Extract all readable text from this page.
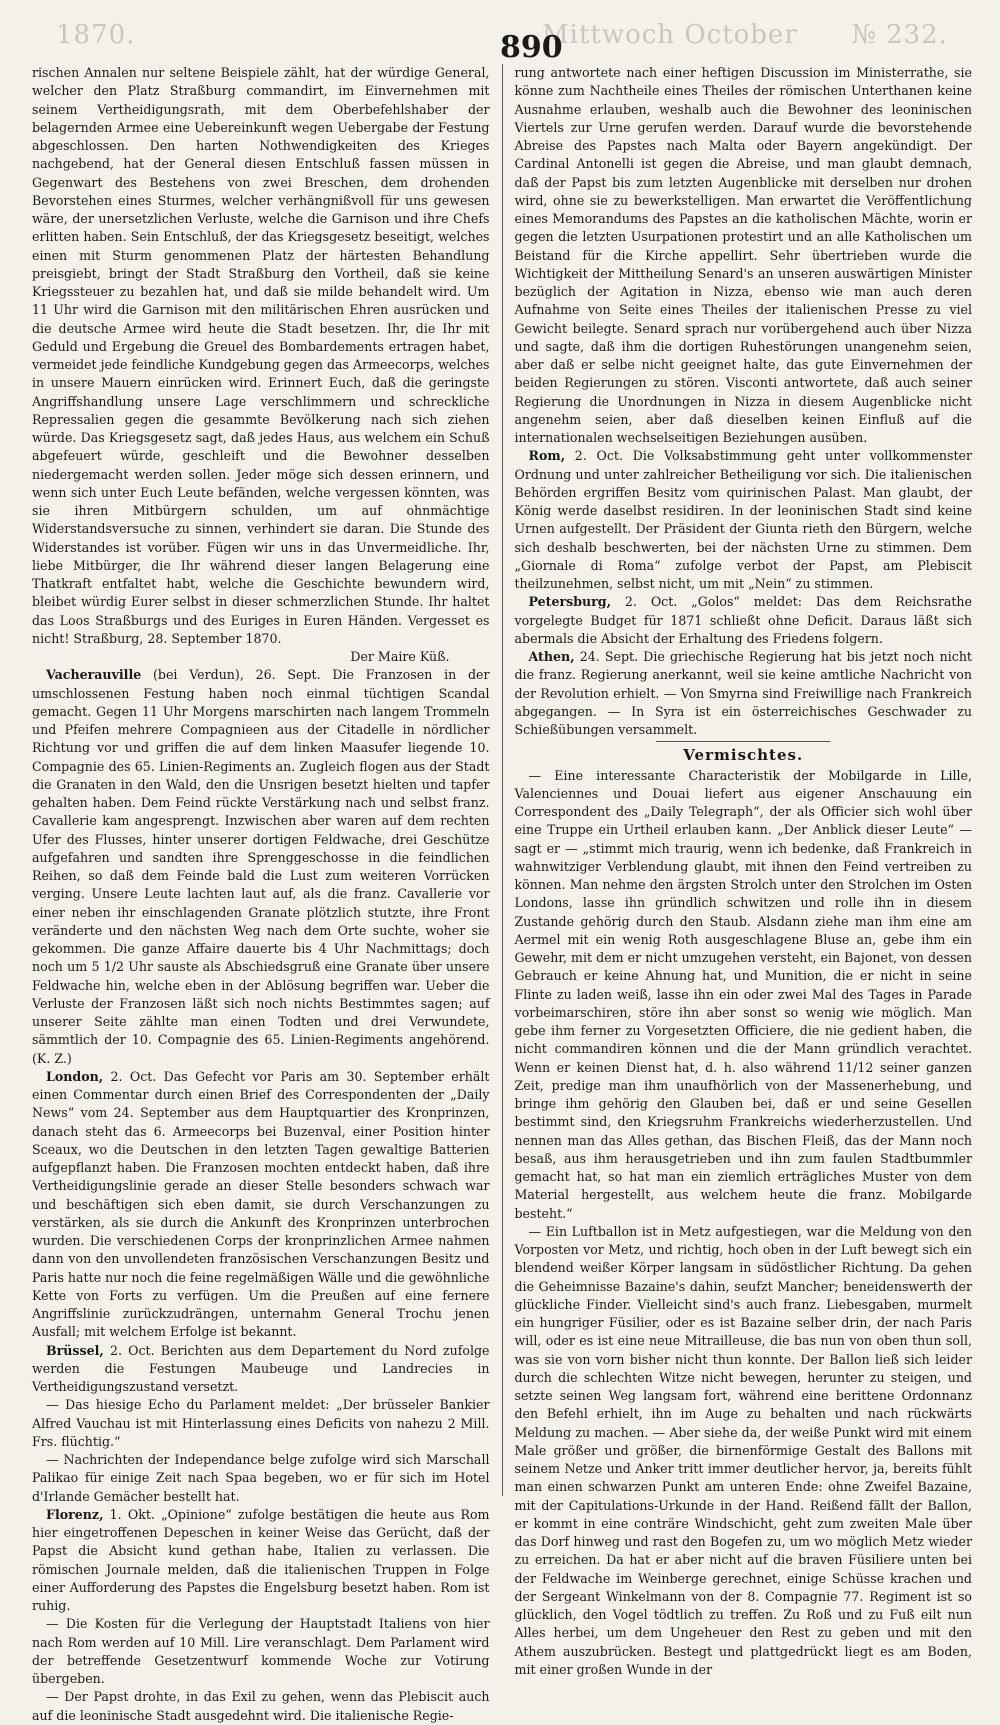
1870.	Mittwoch October
890	№ 232.

rischen Annalen nur seltene Beispiele zählt, hat der würdige General, welcher den Platz Straßburg commandirt, im Einvernehmen mit seinem Vertheidigungsrath, mit dem Oberbefehlshaber der belagernden Armee eine Uebereinkunft wegen Uebergabe der Festung abgeschlossen. Den harten Nothwendigkeiten des Krieges nachgebend, hat der General diesen Entschluß fassen müssen in Gegenwart des Bestehens von zwei Breschen, dem drohenden Bevorstehen eines Sturmes, welcher verhängnißvoll für uns gewesen wäre, der unersetzlichen Verluste, welche die Garnison und ihre Chefs erlitten haben. Sein Entschluß, der das Kriegsgesetz beseitigt, welches einen mit Sturm genommenen Platz der härtesten Behandlung preisgiebt, bringt der Stadt Straßburg den Vortheil, daß sie keine Kriegssteuer zu bezahlen hat, und daß sie milde behandelt wird. Um 11 Uhr wird die Garnison mit den militärischen Ehren ausrücken und die deutsche Armee wird heute die Stadt besetzen. Ihr, die Ihr mit Geduld und Ergebung die Greuel des Bombardements ertragen habet, vermeidet jede feindliche Kundgebung gegen das Armeecorps, welches in unsere Mauern einrücken wird. Erinnert Euch, daß die geringste Angriffshandlung unsere Lage verschlimmern und schreckliche Repressalien gegen die gesammte Bevölkerung nach sich ziehen würde. Das Kriegsgesetz sagt, daß jedes Haus, aus welchem ein Schuß abgefeuert würde, geschleift und die Bewohner desselben niedergemacht werden sollen. Jeder möge sich dessen erinnern, und wenn sich unter Euch Leute befänden, welche vergessen könnten, was sie ihren Mitbürgern schulden, um auf ohnmächtige Widerstandsversuche zu sinnen, verhindert sie daran. Die Stunde des Widerstandes ist vorüber. Fügen wir uns in das Unvermeidliche. Ihr, liebe Mitbürger, die Ihr während dieser langen Belagerung eine Thatkraft entfaltet habt, welche die Geschichte bewundern wird, bleibet würdig Eurer selbst in dieser schmerzlichen Stunde. Ihr haltet das Loos Straßburgs und des Euriges in Euren Händen. Vergesset es nicht! Straßburg, 28. September 1870.

Der Maire Küß.

Vacherauville (bei Verdun), 26. Sept. Die Franzosen in der umschlossenen Festung haben noch einmal tüchtigen Scandal gemacht. Gegen 11 Uhr Morgens marschirten nach langem Trommeln und Pfeifen mehrere Compagnieen aus der Citadelle in nördlicher Richtung vor und griffen die auf dem linken Maasufer liegende 10. Compagnie des 65. Linien-Regiments an. Zugleich flogen aus der Stadt die Granaten in den Wald, den die Unsrigen besetzt hielten und tapfer gehalten haben. Dem Feind rückte Verstärkung nach und selbst franz. Cavallerie kam angesprengt. Inzwischen aber waren auf dem rechten Ufer des Flusses, hinter unserer dortigen Feldwache, drei Geschütze aufgefahren und sandten ihre Sprenggeschosse in die feindlichen Reihen, so daß dem Feinde bald die Lust zum weiteren Vorrücken verging. Unsere Leute lachten laut auf, als die franz. Cavallerie vor einer neben ihr einschlagenden Granate plötzlich stutzte, ihre Front veränderte und den nächsten Weg nach dem Orte suchte, woher sie gekommen. Die ganze Affaire dauerte bis 4 Uhr Nachmittags; doch noch um 5 1/2 Uhr sauste als Abschiedsgruß eine Granate über unsere Feldwache hin, welche eben in der Ablösung begriffen war. Ueber die Verluste der Franzosen läßt sich noch nichts Bestimmtes sagen; auf unserer Seite zählte man einen Todten und drei Verwundete, sämmtlich der 10. Compagnie des 65. Linien-Regiments angehörend. (K. Z.)

London, 2. Oct. Das Gefecht vor Paris am 30. September erhält einen Commentar durch einen Brief des Correspondenten der „Daily News“ vom 24. September aus dem Hauptquartier des Kronprinzen, danach steht das 6. Armeecorps bei Buzenval, einer Position hinter Sceaux, wo die Deutschen in den letzten Tagen gewaltige Batterien aufgepflanzt haben. Die Franzosen mochten entdeckt haben, daß ihre Vertheidigungslinie gerade an dieser Stelle besonders schwach war und beschäftigen sich eben damit, sie durch Verschanzungen zu verstärken, als sie durch die Ankunft des Kronprinzen unterbrochen wurden. Die verschiedenen Corps der kronprinzlichen Armee nahmen dann von den unvollendeten französischen Verschanzungen Besitz und Paris hatte nur noch die feine regelmäßigen Wälle und die gewöhnliche Kette von Forts zu verfügen. Um die Preußen auf eine fernere Angriffslinie zurückzudrängen, unternahm General Trochu jenen Ausfall; mit welchem Erfolge ist bekannt.

Brüssel, 2. Oct. Berichten aus dem Departement du Nord zufolge werden die Festungen Maubeuge und Landrecies in Vertheidigungszustand versetzt.

— Das hiesige Echo du Parlament meldet: „Der brüsseler Bankier Alfred Vauchau ist mit Hinterlassung eines Deficits von nahezu 2 Mill. Frs. flüchtig.“

— Nachrichten der Independance belge zufolge wird sich Marschall Palikao für einige Zeit nach Spaa begeben, wo er für sich im Hotel d'Irlande Gemächer bestellt hat.

Florenz, 1. Okt. „Opinione“ zufolge bestätigen die heute aus Rom hier eingetroffenen Depeschen in keiner Weise das Gerücht, daß der Papst die Absicht kund gethan habe, Italien zu verlassen. Die römischen Journale melden, daß die italienischen Truppen in Folge einer Aufforderung des Papstes die Engelsburg besetzt haben. Rom ist ruhig.

— Die Kosten für die Verlegung der Hauptstadt Italiens von hier nach Rom werden auf 10 Mill. Lire veranschlagt. Dem Parlament wird der betreffende Gesetzentwurf kommende Woche zur Votirung übergeben.

— Der Papst drohte, in das Exil zu gehen, wenn das Plebiscit auch auf die leoninische Stadt ausgedehnt wird. Die italienische Regie-

rung antwortete nach einer heftigen Discussion im Ministerrathe, sie könne zum Nachtheile eines Theiles der römischen Unterthanen keine Ausnahme erlauben, weshalb auch die Bewohner des leoninischen Viertels zur Urne gerufen werden. Darauf wurde die bevorstehende Abreise des Papstes nach Malta oder Bayern angekündigt. Der Cardinal Antonelli ist gegen die Abreise, und man glaubt demnach, daß der Papst bis zum letzten Augenblicke mit derselben nur drohen wird, ohne sie zu bewerkstelligen. Man erwartet die Veröffentlichung eines Memorandums des Papstes an die katholischen Mächte, worin er gegen die letzten Usurpationen protestirt und an alle Katholischen um Beistand für die Kirche appellirt. Sehr übertrieben wurde die Wichtigkeit der Mittheilung Senard's an unseren auswärtigen Minister bezüglich der Agitation in Nizza, ebenso wie man auch deren Aufnahme von Seite eines Theiles der italienischen Presse zu viel Gewicht beilegte. Senard sprach nur vorübergehend auch über Nizza und sagte, daß ihm die dortigen Ruhestörungen unangenehm seien, aber daß er selbe nicht geeignet halte, das gute Einvernehmen der beiden Regierungen zu stören. Visconti antwortete, daß auch seiner Regierung die Unordnungen in Nizza in diesem Augenblicke nicht angenehm seien, aber daß dieselben keinen Einfluß auf die internationalen wechselseitigen Beziehungen ausüben.

Rom, 2. Oct. Die Volksabstimmung geht unter vollkommenster Ordnung und unter zahlreicher Betheiligung vor sich. Die italienischen Behörden ergriffen Besitz vom quirinischen Palast. Man glaubt, der König werde daselbst residiren. In der leoninischen Stadt sind keine Urnen aufgestellt. Der Präsident der Giunta rieth den Bürgern, welche sich deshalb beschwerten, bei der nächsten Urne zu stimmen. Dem „Giornale di Roma“ zufolge verbot der Papst, am Plebiscit theilzunehmen, selbst nicht, um mit „Nein“ zu stimmen.

Petersburg, 2. Oct. „Golos“ meldet: Das dem Reichsrathe vorgelegte Budget für 1871 schließt ohne Deficit. Daraus läßt sich abermals die Absicht der Erhaltung des Friedens folgern.

Athen, 24. Sept. Die griechische Regierung hat bis jetzt noch nicht die franz. Regierung anerkannt, weil sie keine amtliche Nachricht von der Revolution erhielt. — Von Smyrna sind Freiwillige nach Frankreich abgegangen. — In Syra ist ein österreichisches Geschwader zu Schießübungen versammelt.

Vermischtes.

— Eine interessante Characteristik der Mobilgarde in Lille, Valenciennes und Douai liefert aus eigener Anschauung ein Correspondent des „Daily Telegraph“, der als Officier sich wohl über eine Truppe ein Urtheil erlauben kann. „Der Anblick dieser Leute“ — sagt er — „stimmt mich traurig, wenn ich bedenke, daß Frankreich in wahnwitziger Verblendung glaubt, mit ihnen den Feind vertreiben zu können. Man nehme den ärgsten Strolch unter den Strolchen im Osten Londons, lasse ihn gründlich schwitzen und rolle ihn in diesem Zustande gehörig durch den Staub. Alsdann ziehe man ihm eine am Aermel mit ein wenig Roth ausgeschlagene Bluse an, gebe ihm ein Gewehr, mit dem er nicht umzugehen versteht, ein Bajonet, von dessen Gebrauch er keine Ahnung hat, und Munition, die er nicht in seine Flinte zu laden weiß, lasse ihn ein oder zwei Mal des Tages in Parade vorbeimarschiren, störe ihn aber sonst so wenig wie möglich. Man gebe ihm ferner zu Vorgesetzten Officiere, die nie gedient haben, die nicht commandiren können und die der Mann gründlich verachtet. Wenn er keinen Dienst hat, d. h. also während 11/12 seiner ganzen Zeit, predige man ihm unaufhörlich von der Massenerhebung, und bringe ihm gehörig den Glauben bei, daß er und seine Gesellen bestimmt sind, den Kriegsruhm Frankreichs wiederherzustellen. Und nennen man das Alles gethan, das Bischen Fleiß, das der Mann noch besaß, aus ihm herausgetrieben und ihn zum faulen Stadtbummler gemacht hat, so hat man ein ziemlich erträgliches Muster von dem Material hergestellt, aus welchem heute die franz. Mobilgarde besteht.“

— Ein Luftballon ist in Metz aufgestiegen, war die Meldung von den Vorposten vor Metz, und richtig, hoch oben in der Luft bewegt sich ein blendend weißer Körper langsam in südöstlicher Richtung. Da gehen die Geheimnisse Bazaine's dahin, seufzt Mancher; beneidenswerth der glückliche Finder. Vielleicht sind's auch franz. Liebesgaben, murmelt ein hungriger Füsilier, oder es ist Bazaine selber drin, der nach Paris will, oder es ist eine neue Mitrailleuse, die bas nun von oben thun soll, was sie von vorn bisher nicht thun konnte. Der Ballon ließ sich leider durch die schlechten Witze nicht bewegen, herunter zu steigen, und setzte seinen Weg langsam fort, während eine berittene Ordonnanz den Befehl erhielt, ihn im Auge zu behalten und nach rückwärts Meldung zu machen. — Aber siehe da, der weiße Punkt wird mit einem Male größer und größer, die birnenförmige Gestalt des Ballons mit seinem Netze und Anker tritt immer deutlicher hervor, ja, bereits fühlt man einen schwarzen Punkt am unteren Ende: ohne Zweifel Bazaine, mit der Capitulations-Urkunde in der Hand. Reißend fällt der Ballon, er kommt in eine conträre Windschicht, geht zum zweiten Male über das Dorf hinweg und rast den Bogefen zu, um wo möglich Metz wieder zu erreichen. Da hat er aber nicht auf die braven Füsiliere unten bei der Feldwache im Weinberge gerechnet, einige Schüsse krachen und der Sergeant Winkelmann von der 8. Compagnie 77. Regiment ist so glücklich, den Vogel tödtlich zu treffen. Zu Roß und zu Fuß eilt nun Alles herbei, um dem Ungeheuer den Rest zu geben und mit den Athem auszubrücken. Bestegt und plattgedrückt liegt es am Boden, mit einer großen Wunde in der
